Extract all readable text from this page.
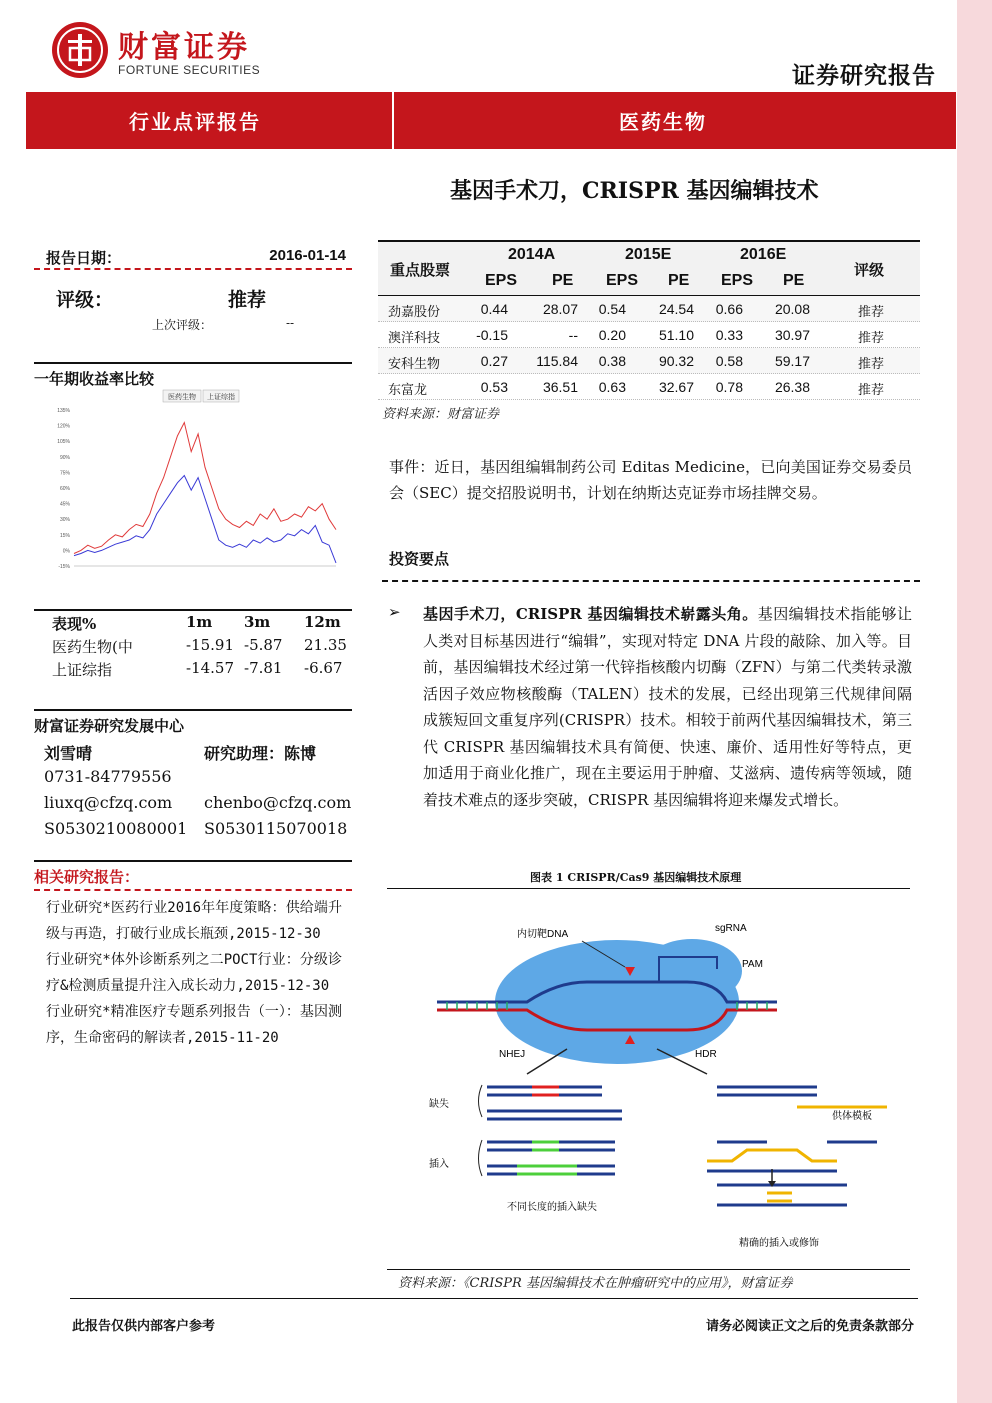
财富证券
FORTUNE SECURITIES	证券研究报告
行业点评报告	医药生物
基因手术刀，CRISPR 基因编辑技术
报告日期：	2016-01-14
评级：	推荐
上次评级：	--
一年期收益率比较
医药生物 上证综指
135%
120%
105%
90%
75%
60%
45%
30%
15%
0%
-15%
表现%	1m 3m 12m
医药生物(中	-15.91 -5.87 21.35
上证综指	-14.57 -7.81 -6.67
财富证券研究发展中心
刘雪晴	研究助理：陈博
0731-84779556
liuxq@cfzq.com chenbo@cfzq.com
S0530210080001 S0530115070018
相关研究报告：
行业研究*医药行业2016年年度策略：供给端升级与再造，打破行业成长瓶颈,2015-12-30
行业研究*体外诊断系列之二POCT行业：分级诊疗&检测质量提升注入成长动力,2015-12-30
行业研究*精准医疗专题系列报告（一）：基因测序，生命密码的解读者,2015-11-20
重点股票
2014A	2015E	2016E
EPS PE EPS PE EPS PE
评级
劲嘉股份	0.44	28.07	0.54	24.54	0.66	20.08	推荐
澳洋科技	-0.15	--	0.20	51.10	0.33	30.97	推荐
安科生物	0.27	115.84	0.38	90.32	0.58	59.17	推荐
东富龙	0.53	36.51	0.63	32.67	0.78	26.38	推荐
资料来源：财富证券
事件：近日，基因组编辑制药公司 Editas Medicine，已向美国证券交易委员会（SEC）提交招股说明书，计划在纳斯达克证券市场挂牌交易。
投资要点
➢ 基因手术刀，CRISPR 基因编辑技术崭露头角。基因编辑技术指能够让人类对目标基因进行“编辑”，实现对特定 DNA 片段的敲除、加入等。目前，基因编辑技术经过第一代锌指核酸内切酶（ZFN）与第二代类转录激活因子效应物核酸酶（TALEN）技术的发展，已经出现第三代规律间隔成簇短回文重复序列(CRISPR）技术。相较于前两代基因编辑技术，第三代 CRISPR 基因编辑技术具有简便、快速、廉价、适用性好等特点，更加适用于商业化推广，现在主要运用于肿瘤、艾滋病、遗传病等领域，随着技术难点的逐步突破，CRISPR 基因编辑将迎来爆发式增长。
图表 1 CRISPR/Cas9 基因编辑技术原理
内切靶DNA
sgRNA
PAM
NHEJ	HDR
缺失
插入
供体模板
不同长度的插入缺失
精确的插入或修饰
资料来源：《CRISPR 基因编辑技术在肿瘤研究中的应用》，财富证券
此报告仅供内部客户参考	请务必阅读正文之后的免责条款部分
